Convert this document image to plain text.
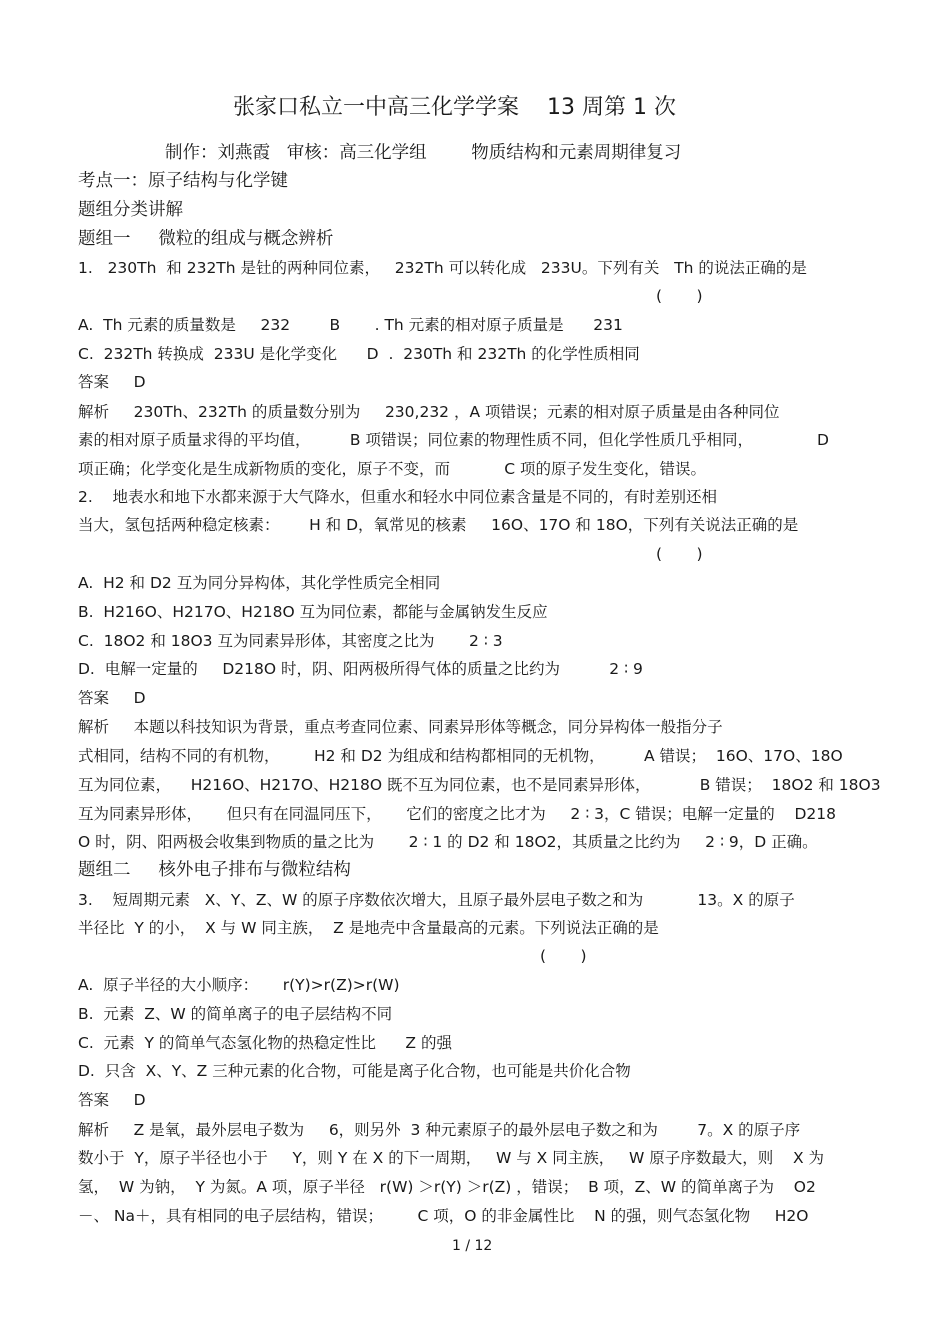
张家口私立一中高三化学学案    13 周第 1 次
制作：刘燕霞   审核：高三化学组        物质结构和元素周期律复习
考点一：原子结构与化学键
题组分类讲解
题组一     微粒的组成与概念辨析
1.   230Th  和 232Th 是钍的两种同位素，   232Th 可以转化成   233U。下列有关   Th 的说法正确的是
(       )
A.  Th 元素的质量数是     232        B       . Th 元素的相对原子质量是      231
C.  232Th 转换成  233U 是化学变化      D  .  230Th 和 232Th 的化学性质相同
答案     D
解析     230Th、232Th 的质量数分别为     230,232 ，A 项错误；元素的相对原子质量是由各种同位
素的相对原子质量求得的平均值，        B 项错误；同位素的物理性质不同，但化学性质几乎相同，             D
项正确；化学变化是生成新物质的变化，原子不变，而           C 项的原子发生变化，错误。
2.    地表水和地下水都来源于大气降水，但重水和轻水中同位素含量是不同的，有时差别还相
当大，氢包括两种稳定核素：      H 和 D，氧常见的核素     16O、17O 和 18O，下列有关说法正确的是
(       )
A.  H2 和 D2 互为同分异构体，其化学性质完全相同
B.  H216O、H217O、H218O 互为同位素，都能与金属钠发生反应
C.  18O2 和 18O3 互为同素异形体，其密度之比为       2 ∶ 3
D.  电解一定量的     D218O 时，阴、阳两极所得气体的质量之比约为          2 ∶ 9
答案     D
解析     本题以科技知识为背景，重点考查同位素、同素异形体等概念，同分异构体一般指分子
式相同，结构不同的有机物，       H2 和 D2 为组成和结构都相同的无机物，        A 错误；  16O、17O、18O
互为同位素，    H216O、H217O、H218O 既不互为同位素，也不是同素异形体，          B 错误；  18O2 和 18O3
互为同素异形体，     但只有在同温同压下，     它们的密度之比才为     2 ∶ 3，C 错误；电解一定量的    D218
O 时，阴、阳两极会收集到物质的量之比为       2 ∶ 1 的 D2 和 18O2，其质量之比约为     2 ∶ 9，D 正确。
题组二     核外电子排布与微粒结构
3.    短周期元素   X、Y、Z、W 的原子序数依次增大，且原子最外层电子数之和为           13。X 的原子
半径比  Y 的小，  X 与 W 同主族，  Z 是地壳中含量最高的元素。下列说法正确的是
(       )
A.  原子半径的大小顺序：     r(Y)>r(Z)>r(W)
B.  元素  Z、W 的简单离子的电子层结构不同
C.  元素  Y 的简单气态氢化物的热稳定性比      Z 的强
D.  只含  X、Y、Z 三种元素的化合物，可能是离子化合物，也可能是共价化合物
答案     D
解析     Z 是氧，最外层电子数为     6，则另外  3 种元素原子的最外层电子数之和为        7。X 的原子序
数小于  Y，原子半径也小于     Y，则 Y 在 X 的下一周期，   W 与 X 同主族，   W 原子序数最大，则    X 为
氢，  W 为钠，  Y 为氮。A 项，原子半径   r(W) ＞r(Y) ＞r(Z) ，错误；  B 项，Z、W 的简单离子为    O2
－、 Na＋，具有相同的电子层结构，错误；       C 项，O 的非金属性比    N 的强，则气态氢化物     H2O
1 / 12
